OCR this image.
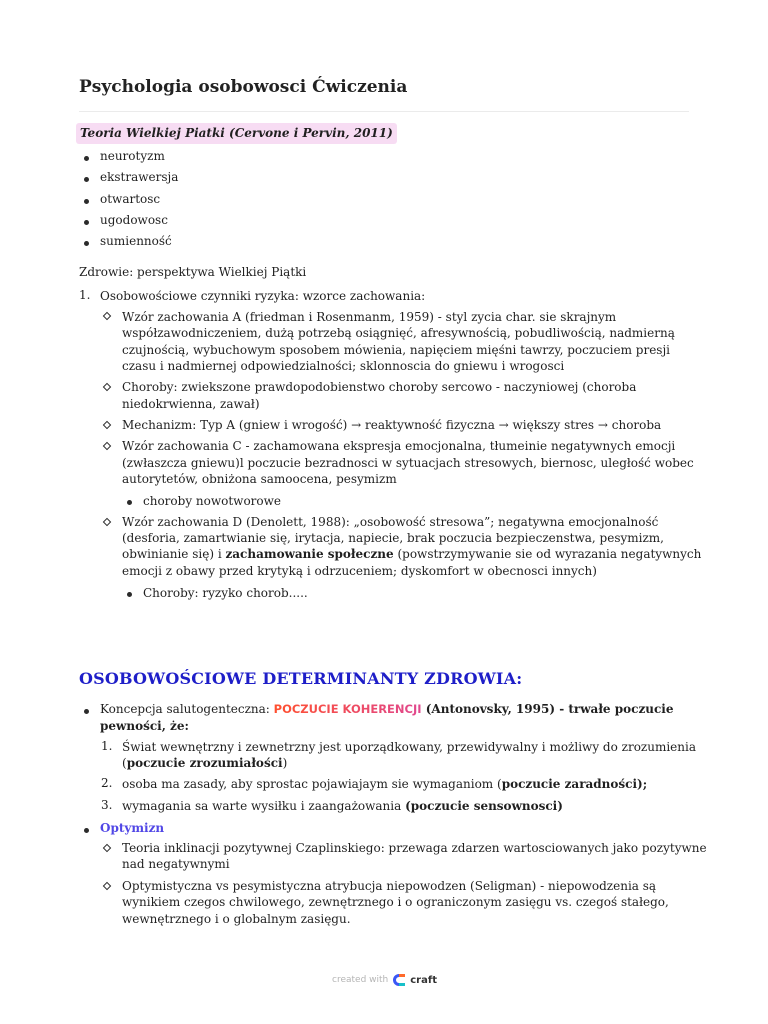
Psychologia osobowosci Ćwiczenia
Teoria Wielkiej Piatki (Cervone i Pervin, 2011)
neurotyzm
ekstrawersja
otwartosc
ugodowosc
sumienność
Zdrowie: perspektywa Wielkiej Piątki
1. Osobowościowe czynniki ryzyka: wzorce zachowania:
Wzór zachowania A (friedman i Rosenmanm, 1959) - styl zycia char. sie skrajnym
współzawodniczeniem, dużą potrzebą osiągnięć, afresywnością, pobudliwością, nadmierną
czujnością, wybuchowym sposobem mówienia, napięciem mięśni tawrzy, poczuciem presji
czasu i nadmiernej odpowiedzialności; sklonnoscia do gniewu i wrogosci
Choroby: zwiekszone prawdopodobienstwo choroby sercowo - naczyniowej (choroba
niedokrwienna, zawał)
Mechanizm: Typ A (gniew i wrogość) → reaktywność fizyczna → większy stres → choroba
Wzór zachowania C - zachamowana ekspresja emocjonalna, tłumeinie negatywnych emocji
(zwłaszcza gniewu)l poczucie bezradnosci w sytuacjach stresowych, biernosc, uległość wobec
autorytetów, obniżona samoocena, pesymizm
choroby nowotworowe
Wzór zachowania D (Denolett, 1988): „osobowość stresowa”; negatywna emocjonalność
(desforia, zamartwianie się, irytacja, napiecie, brak poczucia bezpieczenstwa, pesymizm,
obwinianie się) i zachamowanie społeczne (powstrzymywanie sie od wyrazania negatywnych
emocji z obawy przed krytyką i odrzuceniem; dyskomfort w obecnosci innych)
Choroby: ryzyko chorob.....
OSOBOWOŚCIOWE DETERMINANTY ZDROWIA:
Koncepcja salutogenteczna: POCZUCIE KOHERENCJI (Antonovsky, 1995) - trwałe poczucie
pewności, że:
1. Świat wewnętrzny i zewnetrzny jest uporządkowany, przewidywalny i możliwy do zrozumienia
(poczucie zrozumiałości)
2. osoba ma zasady, aby sprostac pojawiajaym sie wymaganiom (poczucie zaradności);
3. wymagania sa warte wysiłku i zaangażowania (poczucie sensownosci)
Optymizn
Teoria inklinacji pozytywnej Czaplinskiego: przewaga zdarzen wartosciowanych jako pozytywne
nad negatywnymi
Optymistyczna vs pesymistyczna atrybucja niepowodzen (Seligman) - niepowodzenia są
wynikiem czegos chwilowego, zewnętrznego i o ograniczonym zasięgu vs. czegoś stałego,
wewnętrznego i o globalnym zasięgu.
created with craft
